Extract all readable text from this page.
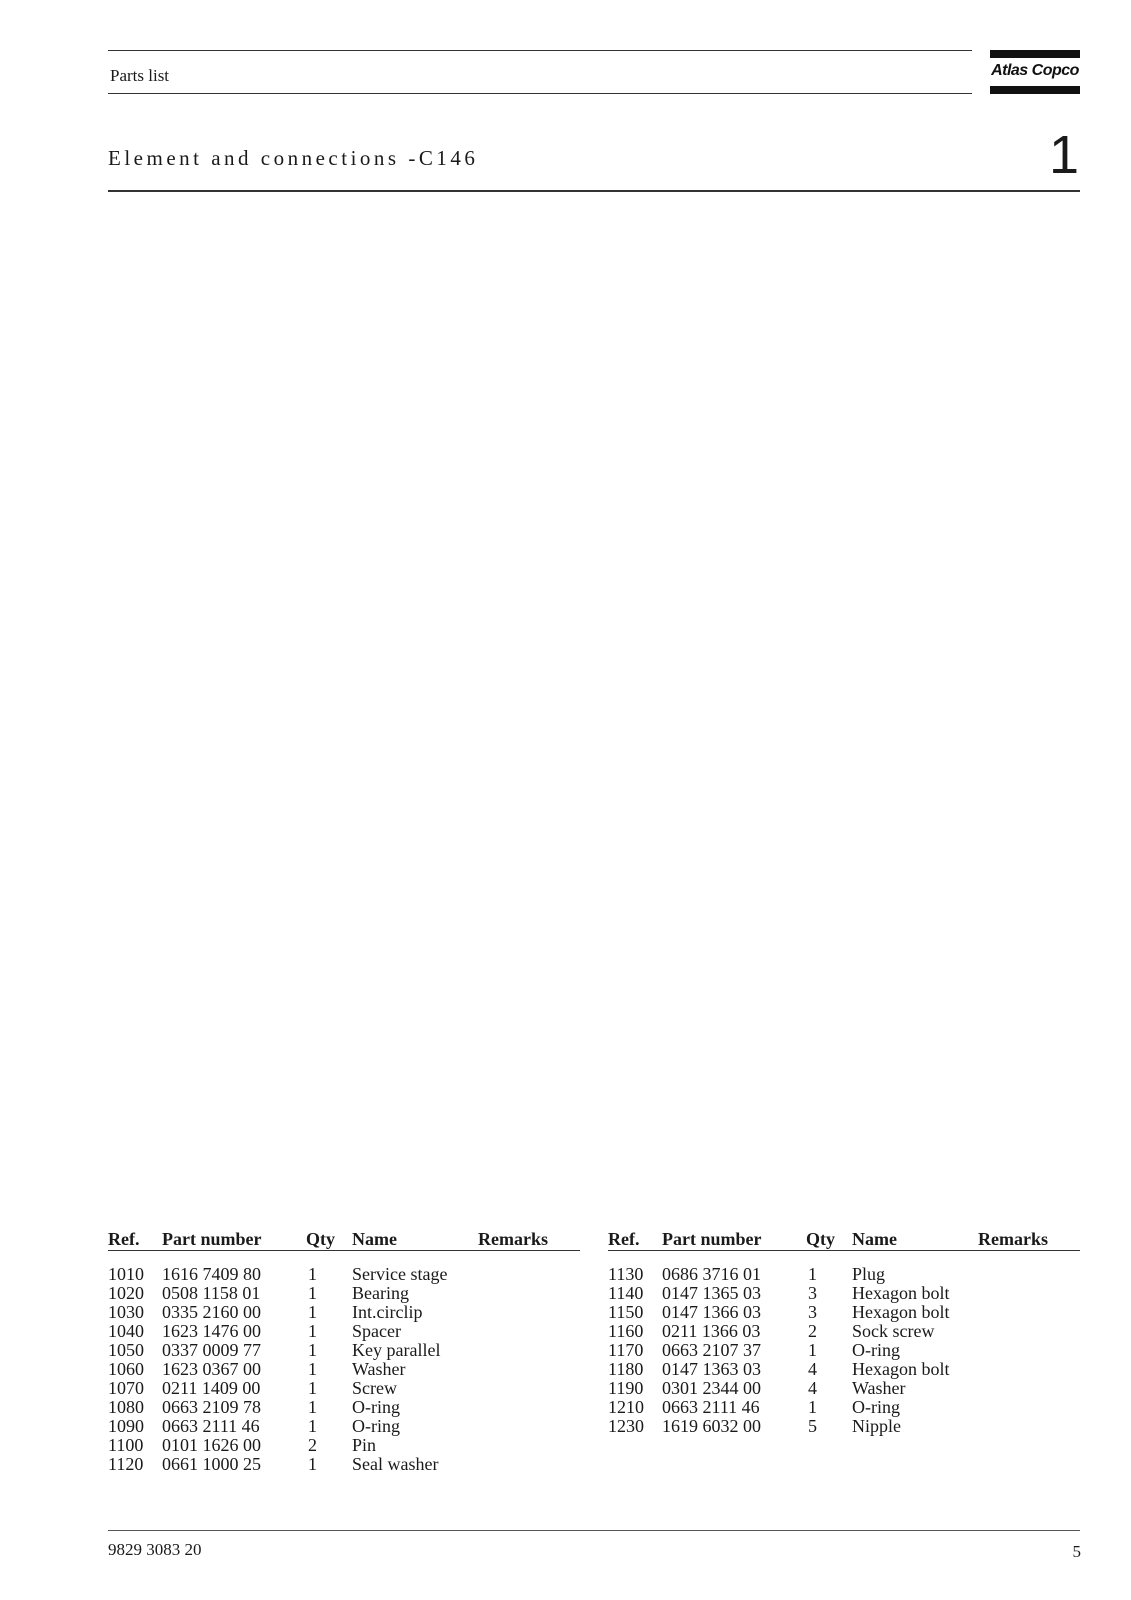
Parts list	Atlas Copco
Element and connections -C146	1
Ref.	Part number	Qty	Name	Remarks

1010	1616 7409 80	1	Service stage	
1020	0508 1158 01	1	Bearing	
1030	0335 2160 00	1	Int.circlip	
1040	1623 1476 00	1	Spacer	
1050	0337 0009 77	1	Key parallel	
1060	1623 0367 00	1	Washer	
1070	0211 1409 00	1	Screw	
1080	0663 2109 78	1	O-ring	
1090	0663 2111 46	1	O-ring	
1100	0101 1626 00	2	Pin	
1120	0661 1000 25	1	Seal washer	
Ref.	Part number	Qty	Name	Remarks

1130	0686 3716 01	1	Plug	
1140	0147 1365 03	3	Hexagon bolt	
1150	0147 1366 03	3	Hexagon bolt	
1160	0211 1366 03	2	Sock screw	
1170	0663 2107 37	1	O-ring	
1180	0147 1363 03	4	Hexagon bolt	
1190	0301 2344 00	4	Washer	
1210	0663 2111 46	1	O-ring	
1230	1619 6032 00	5	Nipple	
9829 3083 20	5
